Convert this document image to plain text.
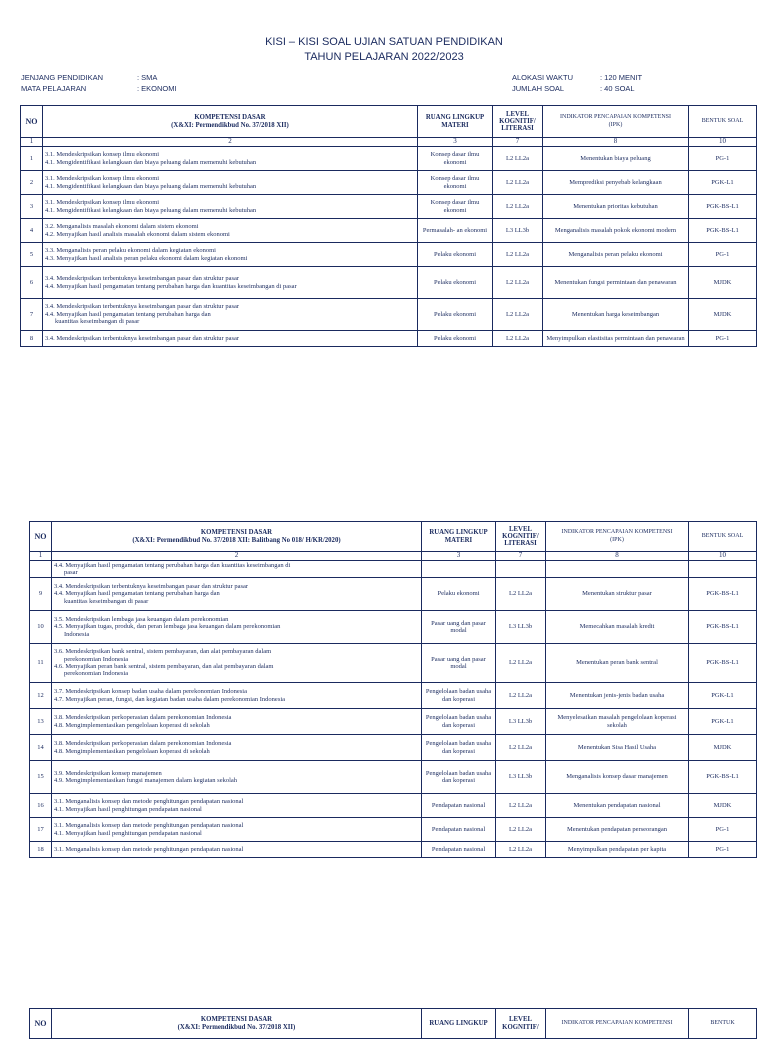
KISI – KISI SOAL UJIAN SATUAN PENDIDIKAN
TAHUN PELAJARAN 2022/2023
JENJANG PENDIDIKAN	: SMA
MATA PELAJARAN	: EKONOMI
ALOKASI WAKTU	: 120 MENIT
JUMLAH SOAL	: 40 SOAL
NO	KOMPETENSI DASAR
(X&XI: Permendikbud No. 37/2018 XII)	RUANG LINGKUP MATERI	LEVEL KOGNITIF/ LITERASI	INDIKATOR PENCAPAIAN KOMPETENSI
(IPK)	BENTUK SOAL
1	2	3	7	8	10
1	3.1. Mendeskripsikan konsep ilmu ekonomi
4.1. Mengidentifikasi kelangkaan dan biaya peluang dalam memenuhi kebutuhan	Konsep dasar ilmu ekonomi	L2 LL2a	Menentukan biaya peluang	PG-1
2	3.1. Mendeskripsikan konsep ilmu ekonomi
4.1. Mengidentifikasi kelangkaan dan biaya peluang dalam memenuhi kebutuhan	Konsep dasar ilmu ekonomi	L2 LL2a	Memprediksi penyebab kelangkaan	PGK-L1
3	3.1. Mendeskripsikan konsep ilmu ekonomi
4.1. Mengidentifikasi kelangkaan dan biaya peluang dalam memenuhi kebutuhan	Konsep dasar ilmu ekonomi	L2 LL2a	Menentukan prioritas kebutuhan	PGK-BS-L1
4	3.2. Menganalisis masalah ekonomi dalam sistem ekonomi
4.2. Menyajikan hasil analisis masalah ekonomi dalam sistem ekonomi	Permasalah- an ekonomi	L3 LL3b	Menganalisis masalah pokok ekonomi modern	PGK-BS-L1
5	3.3. Menganalisis peran pelaku ekonomi dalam kegiatan ekonomi
4.3. Menyajikan hasil analisis peran pelaku ekonomi dalam kegiatan ekonomi	Pelaku ekonomi	L2 LL2a	Menganalisis peran pelaku ekonomi	PG-1
6	3.4. Mendeskripsikan terbentuknya keseimbangan pasar dan struktur pasar
4.4. Menyajikan hasil pengamatan tentang perubahan harga dan kuantitas keseimbangan di pasar	Pelaku ekonomi	L2 LL2a	Menentukan fungsi permintaan dan penawaran	MJDK
7	3.4. Mendeskripsikan terbentuknya keseimbangan pasar dan struktur pasar
4.4. Menyajikan hasil pengamatan tentang perubahan harga dan
kuantitas keseimbangan di pasar	Pelaku ekonomi	L2 LL2a	Menentukan harga keseimbangan	MJDK
8	3.4. Mendeskripsikan terbentuknya keseimbangan pasar dan struktur pasar	Pelaku ekonomi	L2 LL2a	Menyimpulkan elastisitas permintaan dan penawaran	PG-1
NO	KOMPETENSI DASAR
(X&XI: Permendikbud No. 37/2018 XII: Balitbang No 018/ H/KR/2020)	RUANG LINGKUP MATERI	LEVEL KOGNITIF/ LITERASI	INDIKATOR PENCAPAIAN KOMPETENSI
(IPK)	BENTUK SOAL
1	2	3	7	8	10

	4.4. Menyajikan hasil pengamatan tentang perubahan harga dan kuantitas keseimbangan di
pasar				

9	3.4. Mendeskripsikan terbentuknya keseimbangan pasar dan struktur pasar
4.4. Menyajikan hasil pengamatan tentang perubahan harga dan
kuantitas keseimbangan di pasar	Pelaku ekonomi	L2 LL2a	Menentukan struktur pasar	PGK-BS-L1
10	3.5. Mendeskripsikan lembaga jasa keuangan dalam perekonomian
4.5. Menyajikan tugas, produk, dan peran lembaga jasa keuangan dalam perekonomian
Indonesia	Pasar uang dan pasar modal	L3 LL3b	Memecahkan masalah kredit	PGK-BS-L1
11	3.6. Mendeskripsikan bank sentral, sistem pembayaran, dan alat pembayaran dalam
perekonomian Indonesia
4.6. Menyajikan peran bank sentral, sistem pembayaran, dan alat pembayaran dalam
perekonomian Indonesia	Pasar uang dan pasar modal	L2 LL2a	Menentukan peran bank sentral	PGK-BS-L1
12	3.7. Mendeskripsikan konsep badan usaha dalam perekonomian Indonesia
4.7. Menyajikan peran, fungsi, dan kegiatan badan usaha dalam perekonomian Indonesia	Pengelolaan badan usaha dan koperasi	L2 LL2a	Menentukan jenis-jenis badan usaha	PGK-L1
13	3.8. Mendeskripsikan perkoperasian dalam perekonomian Indonesia
4.8. Mengimplementasikan pengelolaan koperasi di sekolah	Pengelolaan badan usaha dan koperasi	L3 LL3b	Menyelesaikan masalah pengelolaan koperasi sekolah	PGK-L1
14	3.8. Mendeskripsikan perkoperasian dalam perekonomian Indonesia
4.8. Mengimplementasikan pengelolaan koperasi di sekolah	Pengelolaan badan usaha dan koperasi	L2 LL2a	Menentukan Sisa Hasil Usaha	MJDK
15	3.9. Mendeskripsikan konsep manajemen
4.9. Mengimplementasikan fungsi manajemen dalam kegiatan sekolah	Pengelolaan badan usaha dan koperasi	L3 LL3b	Menganalisis konsep dasar manajemen	PGK-BS-L1
16	3.1. Menganalisis konsep dan metode penghitungan pendapatan nasional
4.1. Menyajikan hasil penghitungan pendapatan nasional	Pendapatan nasional	L2 LL2a	Menentukan pendapatan nasional	MJDK
17	3.1. Menganalisis konsep dan metode penghitungan pendapatan nasional
4.1. Menyajikan hasil penghitungan pendapatan nasional	Pendapatan nasional	L2 LL2a	Menentukan pendapatan perseorangan	PG-1
18	3.1. Menganalisis konsep dan metode penghitungan pendapatan nasional	Pendapatan nasional	L2 LL2a	Menyimpulkan pendapatan per kapita	PG-1
NO	KOMPETENSI DASAR
(X&XI: Permendikbud No. 37/2018 XII)
	RUANG LINGKUP	LEVEL KOGNITIF/	INDIKATOR PENCAPAIAN KOMPETENSI	BENTUK
